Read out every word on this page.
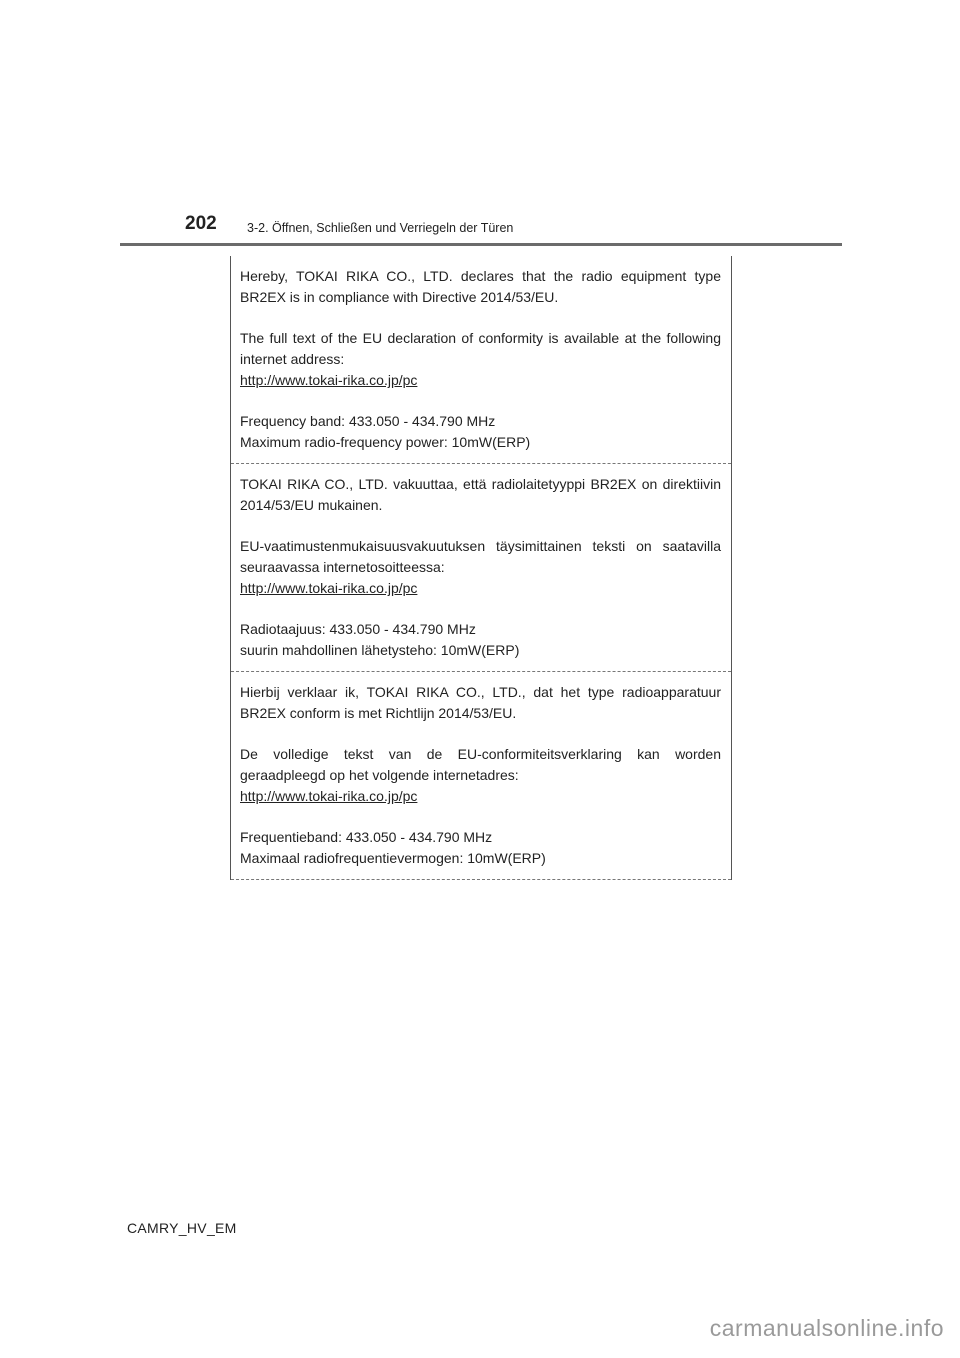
202 3-2. Öffnen, Schließen und Verriegeln der Türen

Hereby, TOKAI RIKA CO., LTD. declares that the radio equipment type BR2EX is in compliance with Directive 2014/53/EU.

The full text of the EU declaration of conformity is available at the following internet address:
http://www.tokai-rika.co.jp/pc

Frequency band: 433.050 - 434.790 MHz
Maximum radio-frequency power: 10mW(ERP)

TOKAI RIKA CO., LTD. vakuuttaa, että radiolaitetyyppi BR2EX on direktiivin 2014/53/EU mukainen.

EU-vaatimustenmukaisuusvakuutuksen täysimittainen teksti on saatavilla seuraavassa internetosoitteessa:
http://www.tokai-rika.co.jp/pc

Radiotaajuus: 433.050 - 434.790 MHz
suurin mahdollinen lähetysteho: 10mW(ERP)

Hierbij verklaar ik, TOKAI RIKA CO., LTD., dat het type radioapparatuur BR2EX conform is met Richtlijn 2014/53/EU.

De volledige tekst van de EU-conformiteitsverklaring kan worden geraadpleegd op het volgende internetadres:
http://www.tokai-rika.co.jp/pc

Frequentieband: 433.050 - 434.790 MHz
Maximaal radiofrequentievermogen: 10mW(ERP)

CAMRY_HV_EM
carmanualsonline.info
